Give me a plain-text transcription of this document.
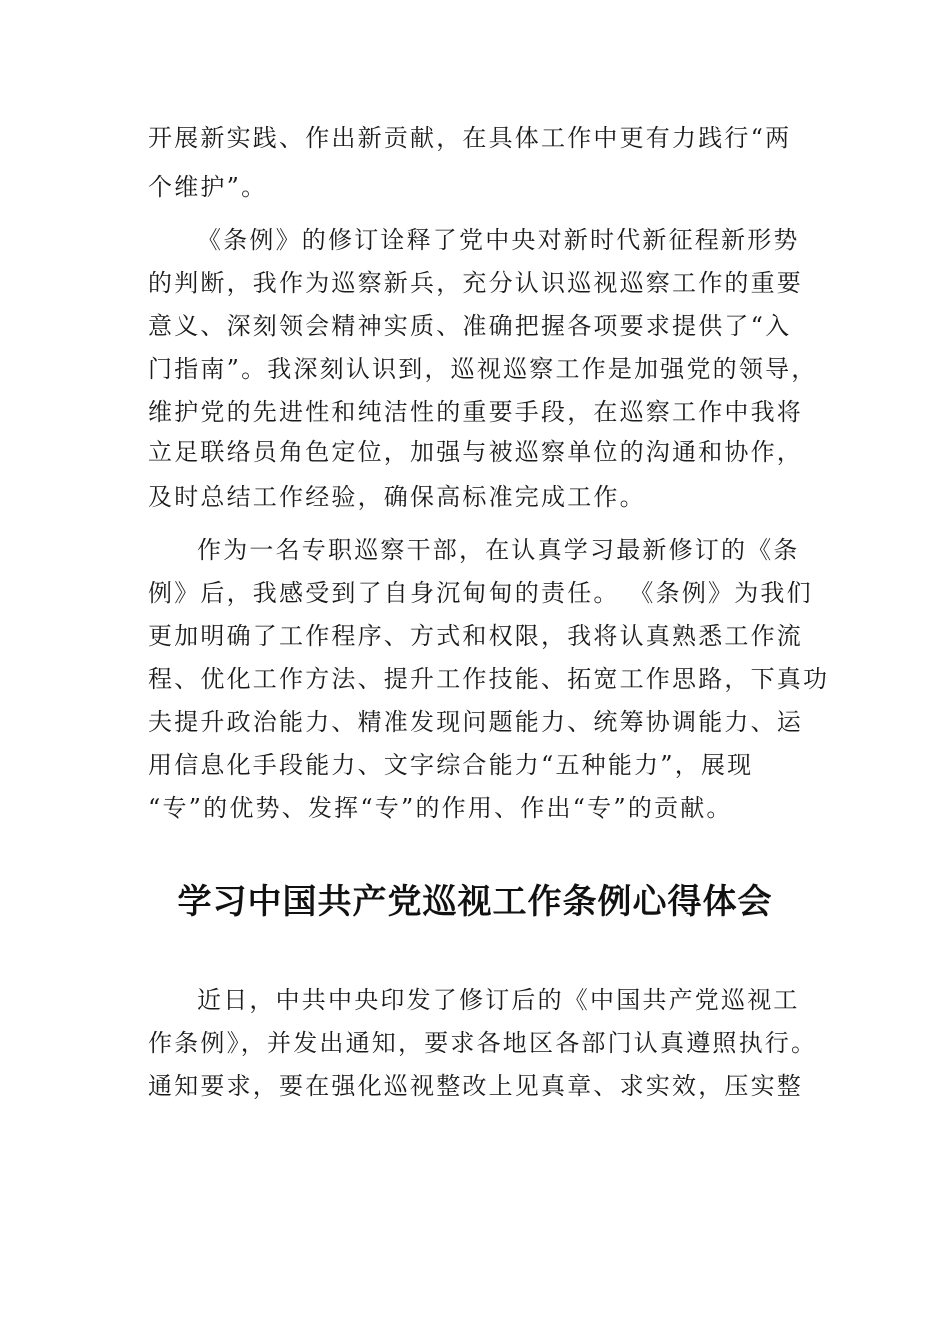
开展新实践、作出新贡献，在具体工作中更有力践行“两

个维护”。

《条例》的修订诠释了党中央对新时代新征程新形势

的判断，我作为巡察新兵，充分认识巡视巡察工作的重要

意义、深刻领会精神实质、准确把握各项要求提供了“入

门指南”。我深刻认识到，巡视巡察工作是加强党的领导，

维护党的先进性和纯洁性的重要手段，在巡察工作中我将

立足联络员角色定位，加强与被巡察单位的沟通和协作，

及时总结工作经验，确保高标准完成工作。

作为一名专职巡察干部，在认真学习最新修订的《条

例》后，我感受到了自身沉甸甸的责任。 《条例》为我们

更加明确了工作程序、方式和权限，我将认真熟悉工作流

程、优化工作方法、提升工作技能、拓宽工作思路，下真功

夫提升政治能力、精准发现问题能力、统筹协调能力、运

用信息化手段能力、文字综合能力“五种能力”，展现

“专”的优势、发挥“专”的作用、作出“专”的贡献。

学习中国共产党巡视工作条例心得体会

近日，中共中央印发了修订后的《中国共产党巡视工

作条例》，并发出通知，要求各地区各部门认真遵照执行。

通知要求，要在强化巡视整改上见真章、求实效，压实整
